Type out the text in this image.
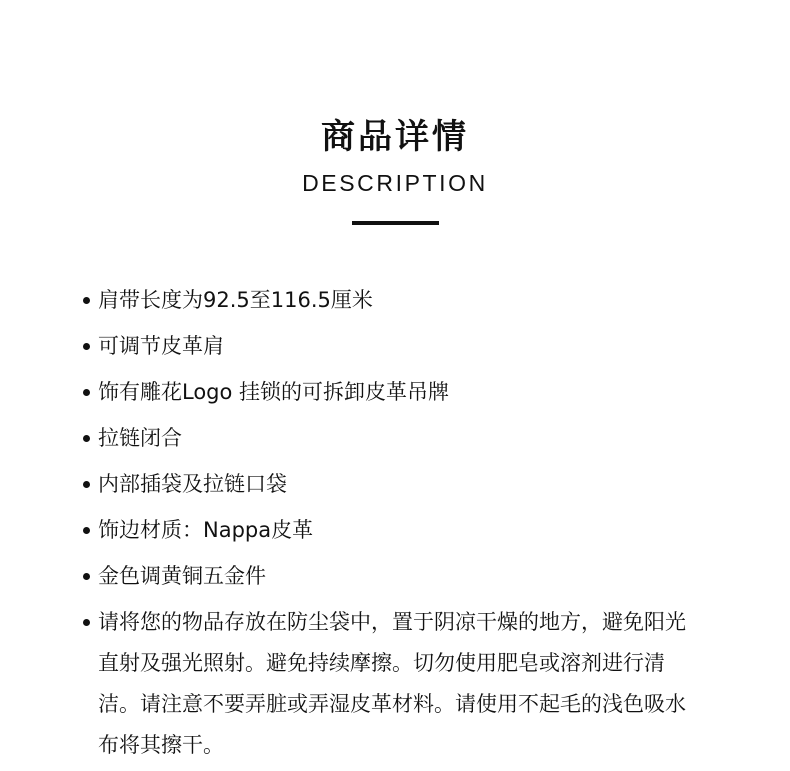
商品详情
DESCRIPTION
肩带长度为92.5至116.5厘米
可调节皮革肩
饰有雕花Logo 挂锁的可拆卸皮革吊牌
拉链闭合
内部插袋及拉链口袋
饰边材质：Nappa皮革
金色调黄铜五金件
请将您的物品存放在防尘袋中，置于阴凉干燥的地方，避免阳光直射及强光照射。避免持续摩擦。切勿使用肥皂或溶剂进行清洁。请注意不要弄脏或弄湿皮革材料。请使用不起毛的浅色吸水布将其擦干。
